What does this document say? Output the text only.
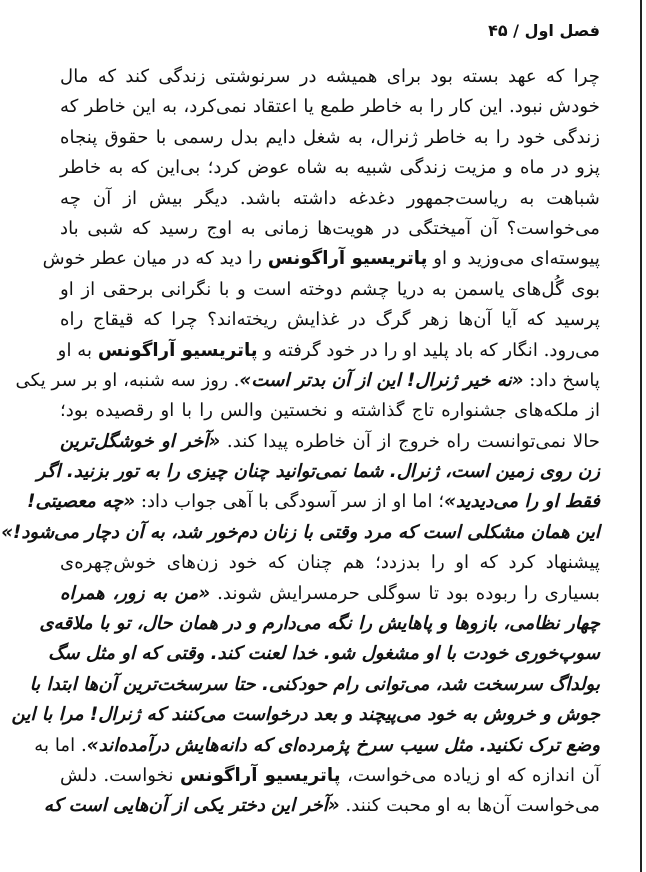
فصل اول / ۴۵
چرا که عهد بسته بود برای همیشه در سرنوشتی زندگی کند که مال
خودش نبود. این کار را به خاطر طمع یا اعتقاد نمی‌کرد، به این خاطر که
زندگی خود را به خاطر ژنرال، به شغل دایم بدل رسمی با حقوق پنجاه
پزو در ماه و مزیت زندگی شبیه به شاه عوض کرد؛ بی‌این که به خاطر
شباهت به ریاست‌جمهور دغدغه داشته باشد. دیگر بیش از آن چه
می‌خواست؟ آن آمیختگی در هویت‌ها زمانی به اوج رسید که شبی باد
پیوسته‌ای می‌وزید و او پاتریسیو آراگونس را دید که در میان عطر خوش
بوی گُل‌های یاسمن به دریا چشم دوخته است و با نگرانی برحقی از او
پرسید که آیا آن‌ها زهر گرگ در غذایش ریخته‌اند؟ چرا که قیقاج راه
می‌رود. انگار که باد پلید او را در خود گرفته و پاتریسیو آراگونس به او
پاسخ داد: «نه خیر ژنرال! این از آن بدتر است». روز سه شنبه، او بر سر یکی
از ملکه‌های جشنواره تاج گذاشته و نخستین والس را با او رقصیده بود؛
حالا نمی‌توانست راه خروج از آن خاطره پیدا کند. «آخر او خوشگل‌ترین
زن روی زمین است، ژنرال. شما نمی‌توانید چنان چیزی را به تور بزنید. اگر
فقط او را می‌دیدید»؛ اما او از سر آسودگی با آهی جواب داد: «چه معصیتی!
این همان مشکلی است که مرد وقتی با زنان دم‌خور شد، به آن دچار می‌شود!»
پیشنهاد کرد که او را بدزدد؛ هم چنان که خود زن‌های خوش‌چهره‌ی
بسیاری را ربوده بود تا سوگلی حرمسرایش شوند. «من به زور، همراه
چهار نظامی، بازوها و پاهایش را نگه می‌دارم و در همان حال، تو با ملاقه‌ی
سوپ‌خوری خودت با او مشغول شو. خدا لعنت کند. وقتی که او مثل سگ
بولداگ سرسخت شد، می‌توانی رام حودکنی. حتا سرسخت‌ترین آن‌ها ابتدا با
جوش و خروش به خود می‌پیچند و بعد درخواست می‌کنند که ژنرال! مرا با این
وضع ترک نکنید. مثل سیب سرخ پژمرده‌ای که دانه‌هایش درآمده‌اند». اما به
آن اندازه که او زیاده می‌خواست، پاتریسیو آراگونس نخواست. دلش
می‌خواست آن‌ها به او محبت کنند. «آخر این دختر یکی از آن‌هایی است که
